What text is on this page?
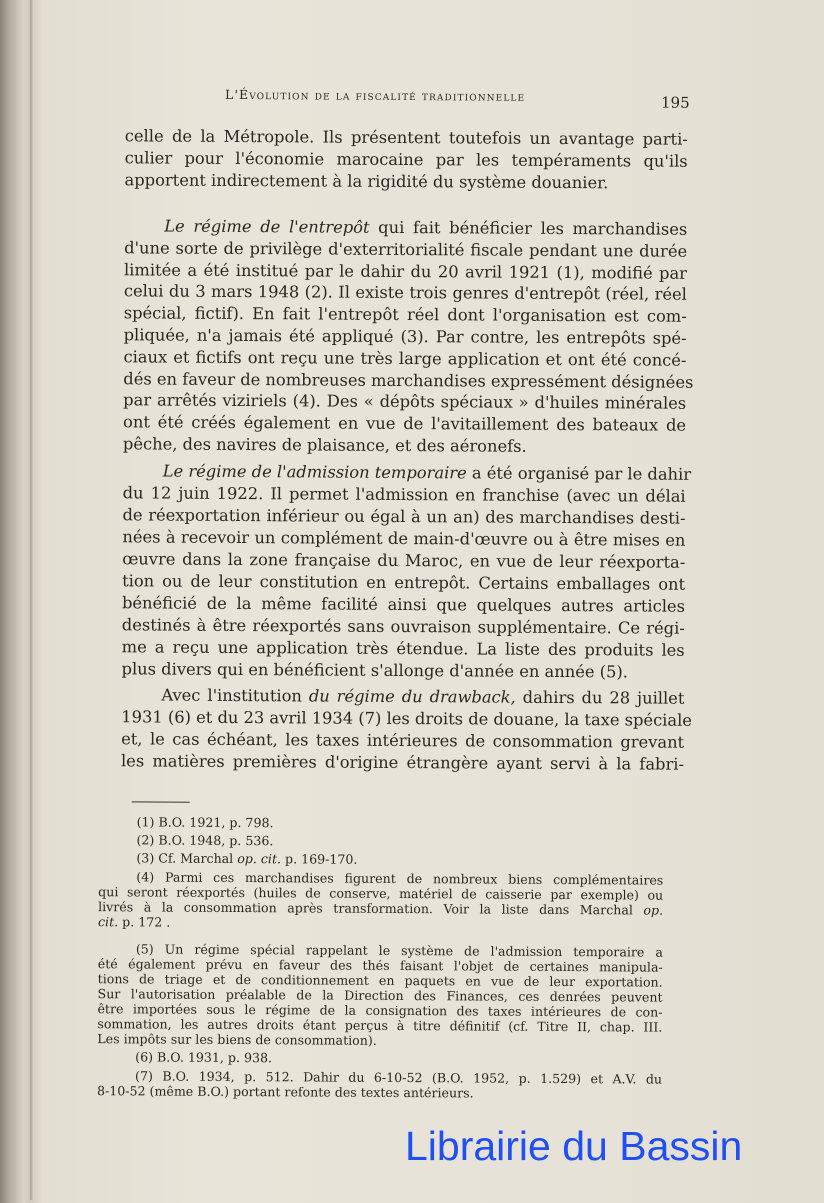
L'Évolution de la fiscalité traditionnelle	195
celle de la Métropole. Ils présentent toutefois un avantage parti-
culier pour l'économie marocaine par les tempéraments qu'ils
apportent indirectement à la rigidité du système douanier.
Le régime de l'entrepôt qui fait bénéficier les marchandises
d'une sorte de privilège d'exterritorialité fiscale pendant une durée
limitée a été institué par le dahir du 20 avril 1921 (1), modifié par
celui du 3 mars 1948 (2). Il existe trois genres d'entrepôt (réel, réel
spécial, fictif). En fait l'entrepôt réel dont l'organisation est com-
pliquée, n'a jamais été appliqué (3). Par contre, les entrepôts spé-
ciaux et fictifs ont reçu une très large application et ont été concé-
dés en faveur de nombreuses marchandises expressément désignées
par arrêtés viziriels (4). Des « dépôts spéciaux » d'huiles minérales
ont été créés également en vue de l'avitaillement des bateaux de
pêche, des navires de plaisance, et des aéronefs.
Le régime de l'admission temporaire a été organisé par le dahir
du 12 juin 1922. Il permet l'admission en franchise (avec un délai
de réexportation inférieur ou égal à un an) des marchandises desti-
nées à recevoir un complément de main-d'œuvre ou à être mises en
œuvre dans la zone française du Maroc, en vue de leur réexporta-
tion ou de leur constitution en entrepôt. Certains emballages ont
bénéficié de la même facilité ainsi que quelques autres articles
destinés à être réexportés sans ouvraison supplémentaire. Ce régi-
me a reçu une application très étendue. La liste des produits les
plus divers qui en bénéficient s'allonge d'année en année (5).
Avec l'institution du régime du drawback, dahirs du 28 juillet
1931 (6) et du 23 avril 1934 (7) les droits de douane, la taxe spéciale
et, le cas échéant, les taxes intérieures de consommation grevant
les matières premières d'origine étrangère ayant servi à la fabri-
(1) B.O. 1921, p. 798.
(2) B.O. 1948, p. 536.
(3) Cf. Marchal op. cit. p. 169-170.
(4) Parmi ces marchandises figurent de nombreux biens complémentaires
qui seront réexportés (huiles de conserve, matériel de caisserie par exemple) ou
livrés à la consommation après transformation. Voir la liste dans Marchal op.
cit. p. 172 .
(5) Un régime spécial rappelant le système de l'admission temporaire a
été également prévu en faveur des thés faisant l'objet de certaines manipula-
tions de triage et de conditionnement en paquets en vue de leur exportation.
Sur l'autorisation préalable de la Direction des Finances, ces denrées peuvent
être importées sous le régime de la consignation des taxes intérieures de con-
sommation, les autres droits étant perçus à titre définitif (cf. Titre II, chap. III.
Les impôts sur les biens de consommation).
(6) B.O. 1931, p. 938.
(7) B.O. 1934, p. 512. Dahir du 6-10-52 (B.O. 1952, p. 1.529) et A.V. du
8-10-52 (même B.O.) portant refonte des textes antérieurs.
Librairie du Bassin
